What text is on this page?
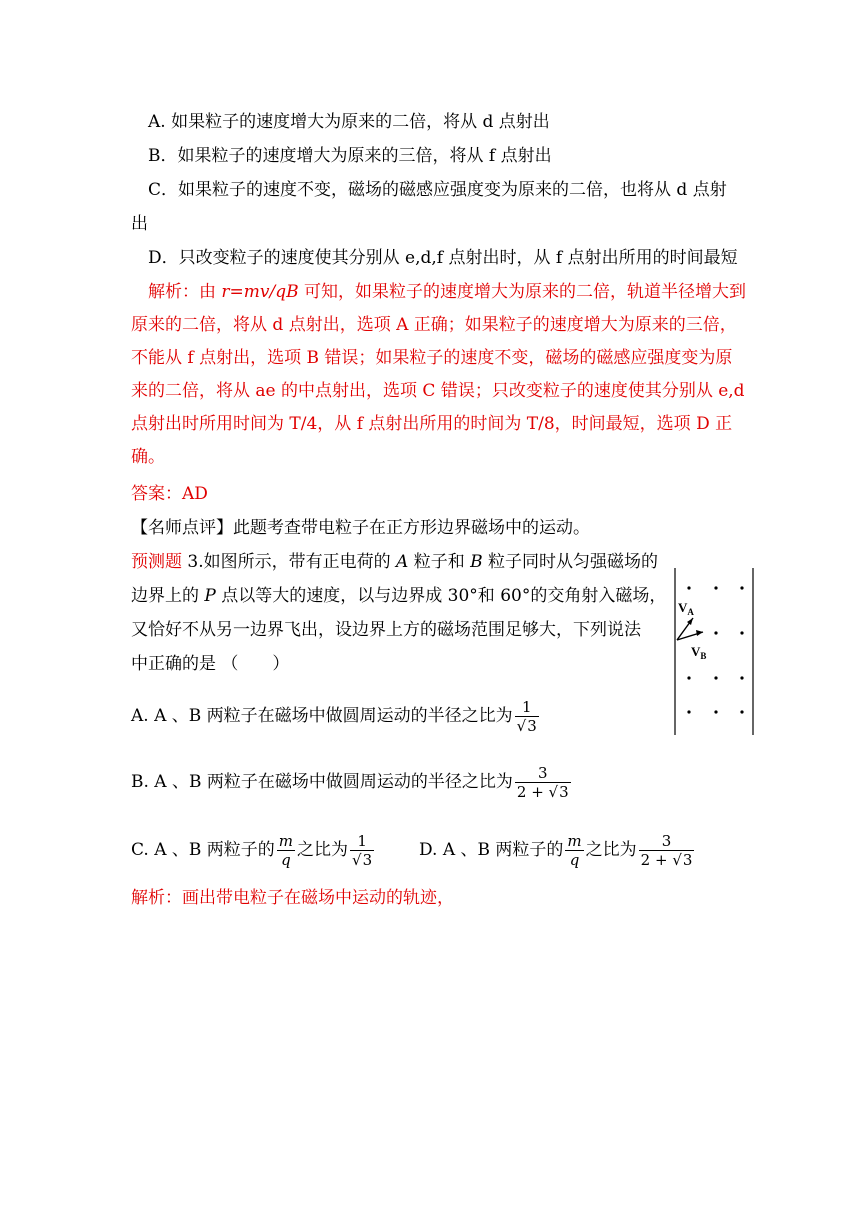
A. 如果粒子的速度增大为原来的二倍，将从 d 点射出
B．如果粒子的速度增大为原来的三倍，将从 f 点射出
C．如果粒子的速度不变，磁场的磁感应强度变为原来的二倍，也将从 d 点射
出
D．只改变粒子的速度使其分别从 e,d,f 点射出时，从 f 点射出所用的时间最短
解析：由 r=mv/qB 可知，如果粒子的速度增大为原来的二倍，轨道半径增大到
原来的二倍，将从 d 点射出，选项 A 正确；如果粒子的速度增大为原来的三倍，
不能从 f 点射出，选项 B 错误；如果粒子的速度不变，磁场的磁感应强度变为原
来的二倍，将从 ae 的中点射出，选项 C 错误；只改变粒子的速度使其分别从 e,d
点射出时所用时间为 T/4，从 f 点射出所用的时间为 T/8，时间最短，选项 D 正
确。
答案：AD
【名师点评】此题考查带电粒子在正方形边界磁场中的运动。
预测题 3.如图所示，带有正电荷的 A 粒子和 B 粒子同时从匀强磁场的
边界上的 P 点以等大的速度，以与边界成 30°和 60°的交角射入磁场，
又恰好不从另一边界飞出，设边界上方的磁场范围足够大，下列说法
中正确的是 （　　）
A. A 、B 两粒子在磁场中做圆周运动的半径之比为 $\frac{1}{√3}$
B. A 、B 两粒子在磁场中做圆周运动的半径之比为 $\frac{3}{2 + √3}$
C. A 、B 两粒子的 $\frac{m}{q}$ 之比为 $\frac{1}{√3}$	D. A 、B 两粒子的 $\frac{m}{q}$ 之比为 $\frac{3}{2 + √3}$
解析：画出带电粒子在磁场中运动的轨迹，
$V_A$
$V_B$
